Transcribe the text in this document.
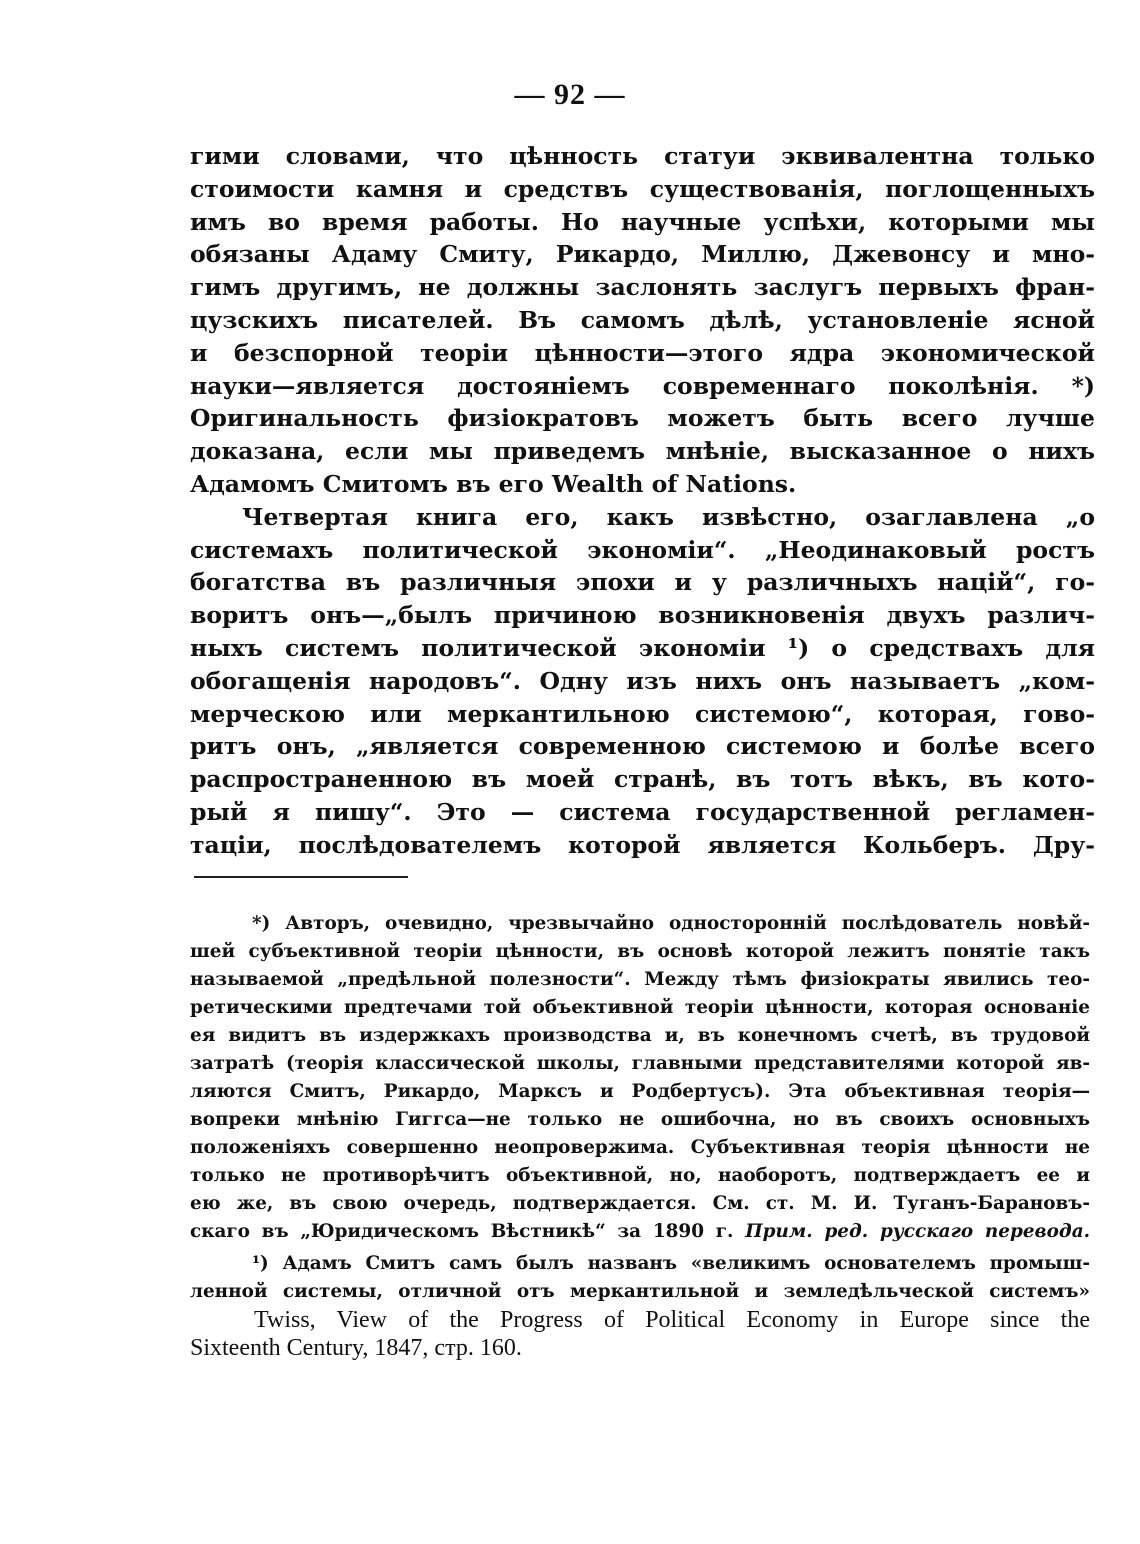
— 92 —
гими словами, что цѣнность статуи эквивалентна только
стоимости камня и средствъ существованія, поглощенныхъ
имъ во время работы. Но научные успѣхи, которыми мы
обязаны Адаму Смиту, Рикардо, Миллю, Джевонсу и мно-
гимъ другимъ, не должны заслонять заслугъ первыхъ фран-
цузскихъ писателей. Въ самомъ дѣлѣ, установленіе ясной
и безспорной теоріи цѣнности—этого ядра экономической
науки—является достояніемъ современнаго поколѣнія. *)
Оригинальность физіократовъ можетъ быть всего лучше
доказана, если мы приведемъ мнѣніе, высказанное о нихъ
Адамомъ Смитомъ въ его Wealth of Nations.
Четвертая книга его, какъ извѣстно, озаглавлена „о
системахъ политической экономіи“. „Неодинаковый ростъ
богатства въ различныя эпохи и у различныхъ націй“, го-
воритъ онъ—„былъ причиною возникновенія двухъ различ-
ныхъ системъ политической экономіи ¹) о средствахъ для
обогащенія народовъ“. Одну изъ нихъ онъ называетъ „ком-
мерческою или меркантильною системою“, которая, гово-
ритъ онъ, „является современною системою и болѣе всего
распространенною въ моей странѣ, въ тотъ вѣкъ, въ кото-
рый я пишу“. Это — система государственной регламен-
таціи, послѣдователемъ которой является Кольберъ. Дру-
*) Авторъ, очевидно, чрезвычайно односторонній послѣдователь новѣй-
шей субъективной теоріи цѣнности, въ основѣ которой лежитъ понятіе такъ
называемой „предѣльной полезности“. Между тѣмъ физіократы явились тео-
ретическими предтечами той объективной теоріи цѣнности, которая основаніе
ея видитъ въ издержкахъ производства и, въ конечномъ счетѣ, въ трудовой
затратѣ (теорія классической школы, главными представителями которой яв-
ляются Смитъ, Рикардо, Марксъ и Родбертусъ). Эта объективная теорія—
вопреки мнѣнію Гиггса—не только не ошибочна, но въ своихъ основныхъ
положеніяхъ совершенно неопровержима. Субъективная теорія цѣнности не
только не противорѣчитъ объективной, но, наоборотъ, подтверждаетъ ее и
ею же, въ свою очередь, подтверждается. См. ст. М. И. Туганъ-Барановъ-
скаго въ „Юридическомъ Вѣстникѣ“ за 1890 г. Прим. ред. русскаго перевода.
¹) Адамъ Смитъ самъ былъ названъ «великимъ основателемъ промыш-
ленной системы, отличной отъ меркантильной и земледѣльческой системъ»
Twiss, View of the Progress of Political Economy in Europe since the
Sixteenth Century, 1847, стр. 160.
